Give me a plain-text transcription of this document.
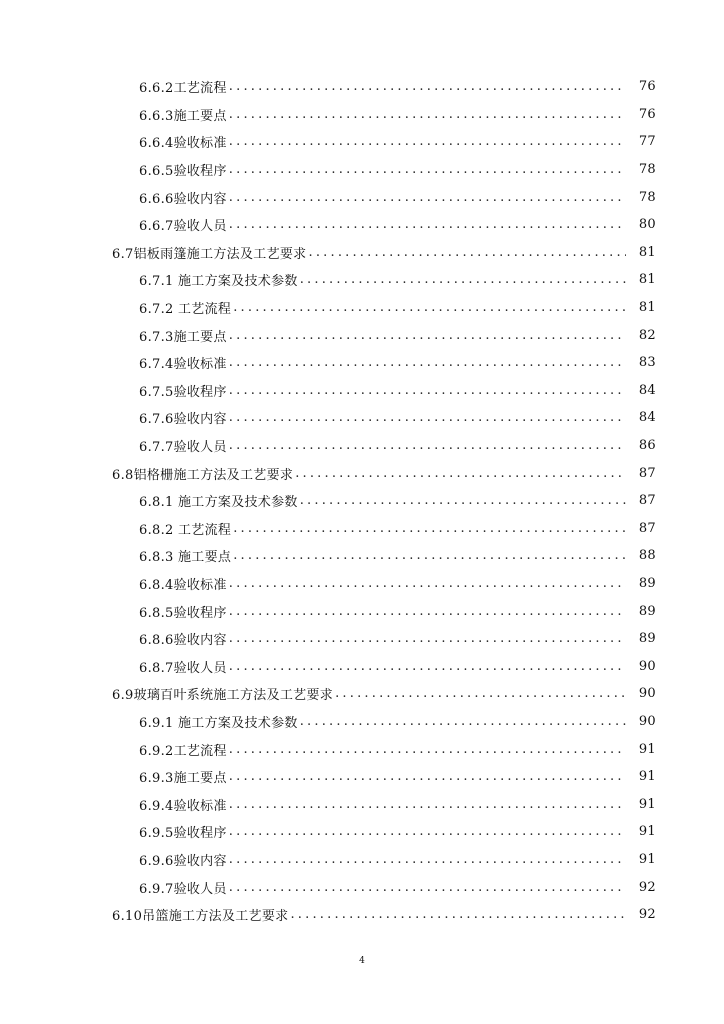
6.6.2工艺流程 .....	76
6.6.3施工要点 .....	76
6.6.4验收标准 .....	77
6.6.5验收程序 .....	78
6.6.6验收内容 .....	78
6.6.7验收人员 .....	80
6.7铝板雨篷施工方法及工艺要求 .....	81
6.7.1 施工方案及技术参数 .....	81
6.7.2 工艺流程 .....	81
6.7.3施工要点 .....	82
6.7.4验收标准 .....	83
6.7.5验收程序 .....	84
6.7.6验收内容 .....	84
6.7.7验收人员 .....	86
6.8铝格栅施工方法及工艺要求 .....	87
6.8.1 施工方案及技术参数 .....	87
6.8.2 工艺流程 .....	87
6.8.3 施工要点 .....	88
6.8.4验收标准 .....	89
6.8.5验收程序 .....	89
6.8.6验收内容 .....	89
6.8.7验收人员 .....	90
6.9玻璃百叶系统施工方法及工艺要求 .....	90
6.9.1 施工方案及技术参数 .....	90
6.9.2工艺流程 .....	91
6.9.3施工要点 .....	91
6.9.4验收标准 .....	91
6.9.5验收程序 .....	91
6.9.6验收内容 .....	91
6.9.7验收人员 .....	92
6.10吊篮施工方法及工艺要求 .....	92
4
